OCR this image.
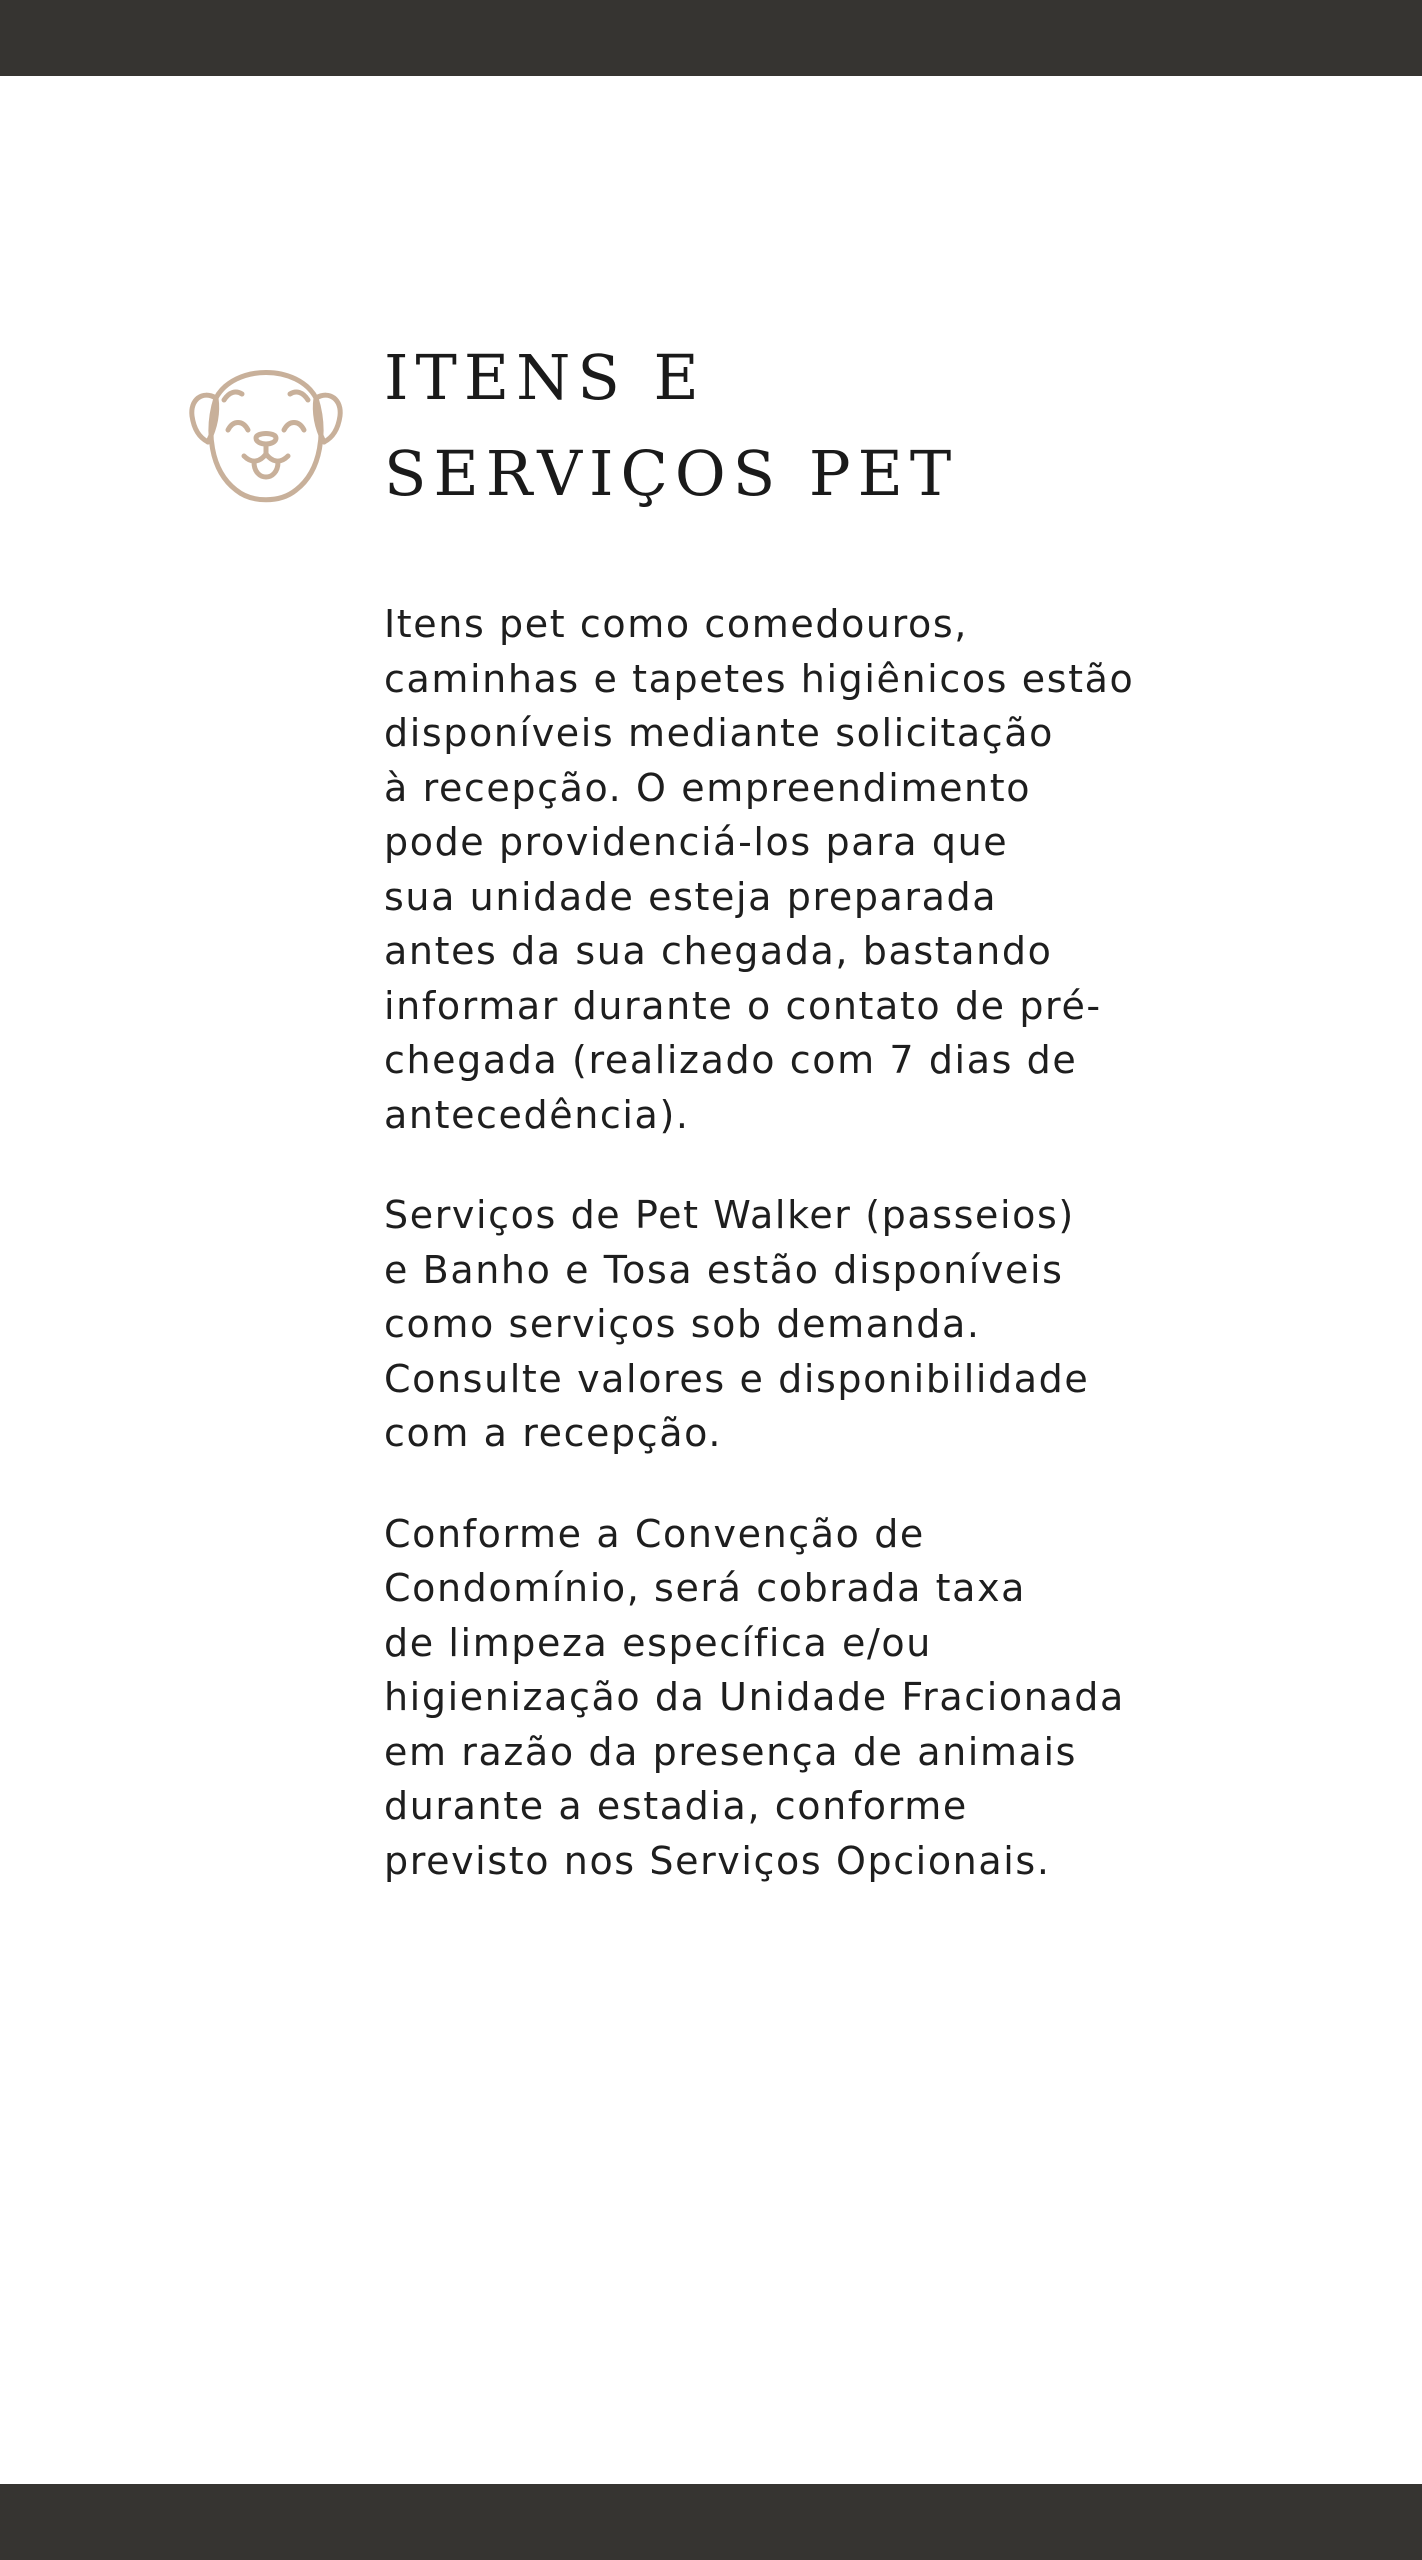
ITENS E
SERVIÇOS PET

Itens pet como comedouros,
caminhas e tapetes higiênicos estão
disponíveis mediante solicitação
à recepção. O empreendimento
pode providenciá-los para que
sua unidade esteja preparada
antes da sua chegada, bastando
informar durante o contato de pré-
chegada (realizado com 7 dias de
antecedência).

Serviços de Pet Walker (passeios)
e Banho e Tosa estão disponíveis
como serviços sob demanda.
Consulte valores e disponibilidade
com a recepção.

Conforme a Convenção de
Condomínio, será cobrada taxa
de limpeza específica e/ou
higienização da Unidade Fracionada
em razão da presença de animais
durante a estadia, conforme
previsto nos Serviços Opcionais.
